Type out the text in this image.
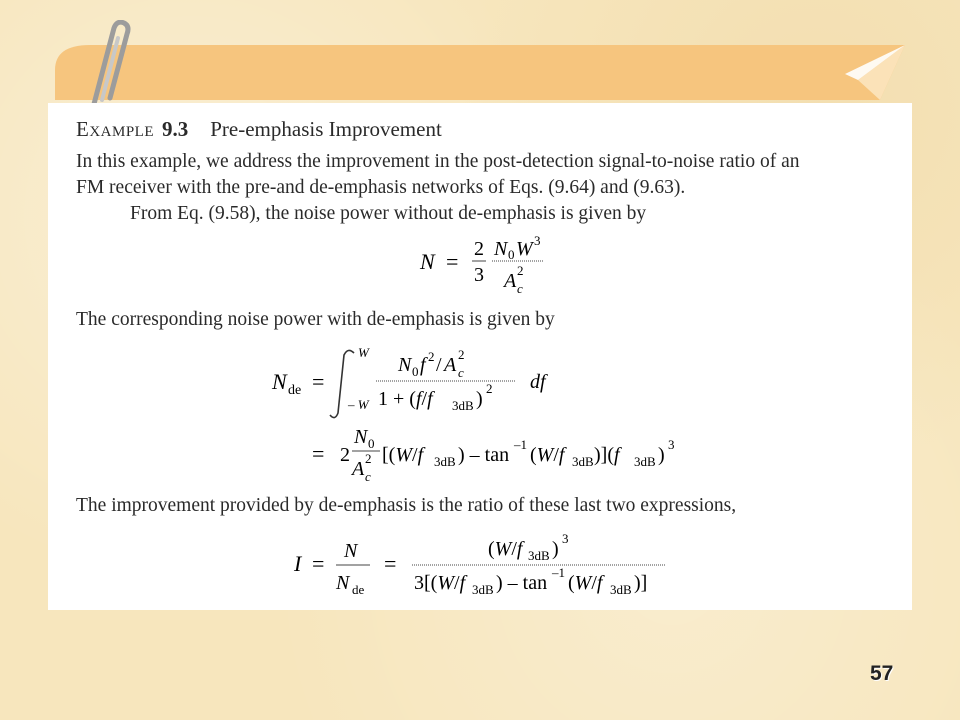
EXAMPLE 9.3 Pre-emphasis Improvement
In this example, we address the improvement in the post-detection signal-to-noise ratio of an
FM receiver with the pre-and de-emphasis networks of Eqs. (9.64) and (9.63).
From Eq. (9.58), the noise power without de-emphasis is given by
N = 2
3
N 0 W 3
A c
2
The corresponding noise power with de-emphasis is given by
N de =
W
– W
N 0 f 2 / A c
2
1 + (f/f 3dB ) 2 df
= 2
N 0
A c
2 [(W/f 3dB ) – tan –1 (W/f 3dB )](f 3dB ) 3
The improvement provided by de-emphasis is the ratio of these last two expressions,
I = N
N de
=
(W/f 3dB ) 3
3[(W/f 3dB ) – tan –1 (W/f 3dB )]
57
